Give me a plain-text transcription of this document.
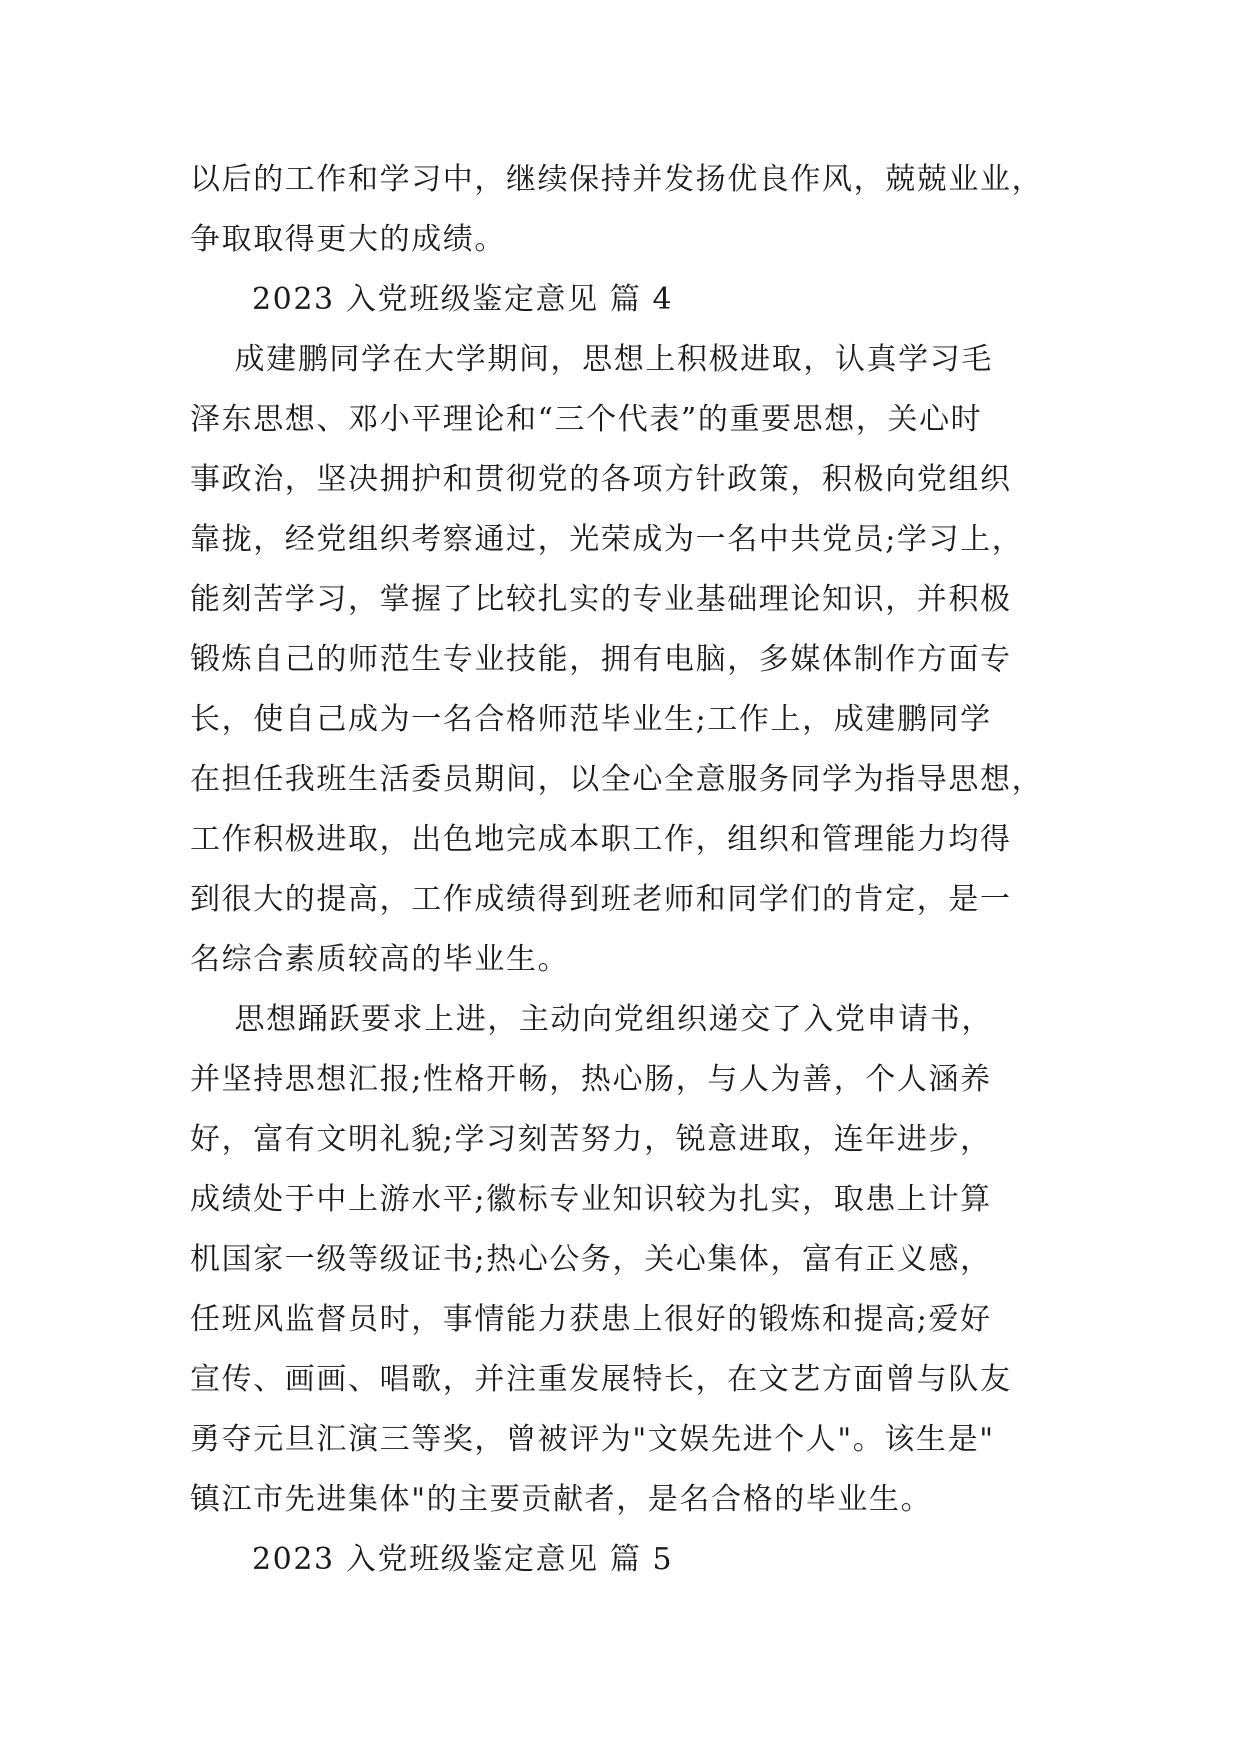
以后的工作和学习中，继续保持并发扬优良作风，兢兢业业，
争取取得更大的成绩。
2023 入党班级鉴定意见 篇 4
成建鹏同学在大学期间，思想上积极进取，认真学习毛
泽东思想、邓小平理论和“三个代表”的重要思想，关心时
事政治，坚决拥护和贯彻党的各项方针政策，积极向党组织
靠拢，经党组织考察通过，光荣成为一名中共党员;学习上，
能刻苦学习，掌握了比较扎实的专业基础理论知识，并积极
锻炼自己的师范生专业技能，拥有电脑，多媒体制作方面专
长，使自己成为一名合格师范毕业生;工作上，成建鹏同学
在担任我班生活委员期间，以全心全意服务同学为指导思想，
工作积极进取，出色地完成本职工作，组织和管理能力均得
到很大的提高，工作成绩得到班老师和同学们的肯定，是一
名综合素质较高的毕业生。
思想踊跃要求上进，主动向党组织递交了入党申请书，
并坚持思想汇报;性格开畅，热心肠，与人为善，个人涵养
好，富有文明礼貌;学习刻苦努力，锐意进取，连年进步，
成绩处于中上游水平;徽标专业知识较为扎实，取患上计算
机国家一级等级证书;热心公务，关心集体，富有正义感，
任班风监督员时，事情能力获患上很好的锻炼和提高;爱好
宣传、画画、唱歌，并注重发展特长，在文艺方面曾与队友
勇夺元旦汇演三等奖，曾被评为"文娱先进个人"。该生是"
镇江市先进集体"的主要贡献者，是名合格的毕业生。
2023 入党班级鉴定意见 篇 5
